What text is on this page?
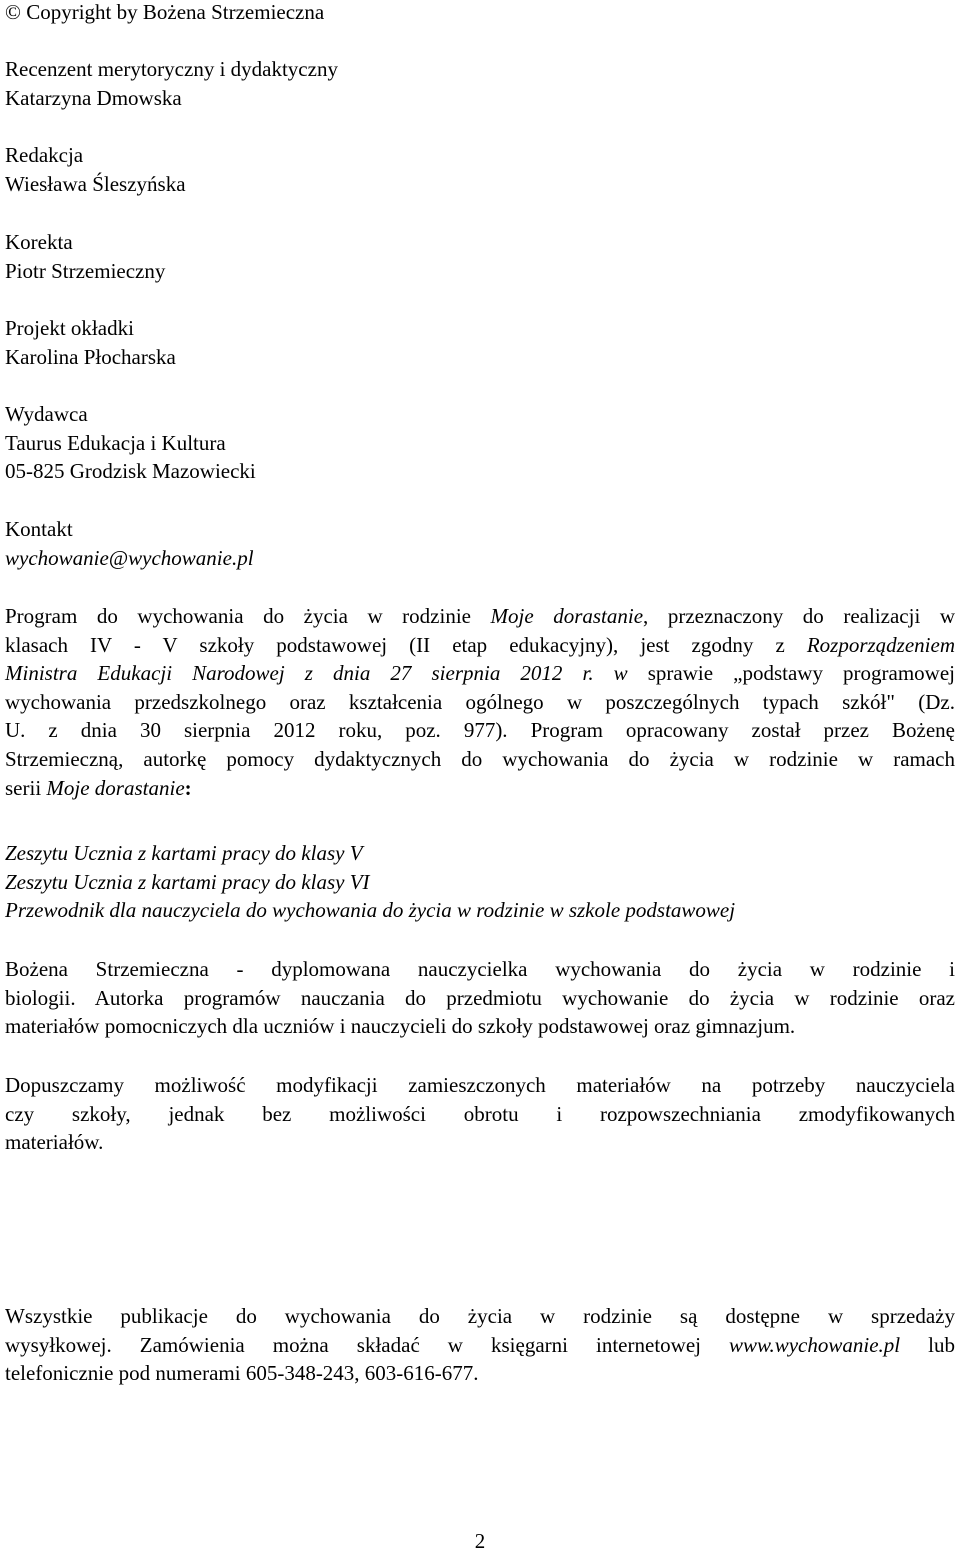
© Copyright by Bożena Strzemieczna
Recenzent merytoryczny i dydaktyczny
Katarzyna Dmowska
Redakcja
Wiesława Śleszyńska
Korekta
Piotr Strzemieczny
Projekt okładki
Karolina Płocharska
Wydawca
Taurus Edukacja i Kultura
05-825 Grodzisk Mazowiecki
Kontakt
wychowanie@wychowanie.pl
Program do wychowania do życia w rodzinie Moje dorastanie, przeznaczony do realizacji w
klasach IV - V szkoły podstawowej (II etap edukacyjny), jest zgodny z Rozporządzeniem
Ministra Edukacji Narodowej z dnia 27 sierpnia 2012 r. w sprawie „podstawy programowej
wychowania przedszkolnego oraz kształcenia ogólnego w poszczególnych typach szkół" (Dz.
U. z dnia 30 sierpnia 2012 roku, poz. 977). Program opracowany został przez Bożenę
Strzemieczną, autorkę pomocy dydaktycznych do wychowania do życia w rodzinie w ramach
serii Moje dorastanie:
Zeszytu Ucznia z kartami pracy do klasy V
Zeszytu Ucznia z kartami pracy do klasy VI
Przewodnik dla nauczyciela do wychowania do życia w rodzinie w szkole podstawowej
Bożena Strzemieczna - dyplomowana nauczycielka wychowania do życia w rodzinie i
biologii. Autorka programów nauczania do przedmiotu wychowanie do życia w rodzinie oraz
materiałów pomocniczych dla uczniów i nauczycieli do szkoły podstawowej oraz gimnazjum.
Dopuszczamy możliwość modyfikacji zamieszczonych materiałów na potrzeby nauczyciela
czy szkoły, jednak bez możliwości obrotu i rozpowszechniania zmodyfikowanych
materiałów.
Wszystkie publikacje do wychowania do życia w rodzinie są dostępne w sprzedaży
wysyłkowej. Zamówienia można składać w księgarni internetowej www.wychowanie.pl lub
telefonicznie pod numerami 605-348-243, 603-616-677.
2
